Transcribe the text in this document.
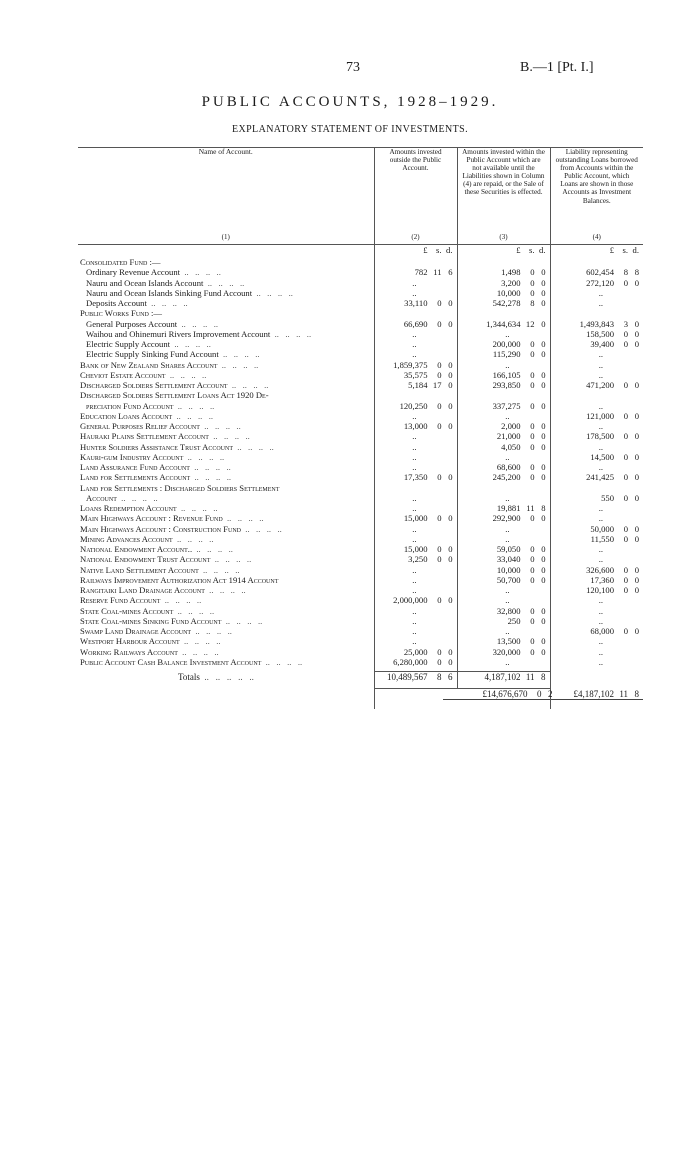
73	B.—1 [Pt. I.]
PUBLIC ACCOUNTS, 1928–1929.
EXPLANATORY STATEMENT OF INVESTMENTS.
Name of Account.	Amounts invested outside the Public Account.	Amounts invested within the Public Account which are not available until the Liabilities shown in Column (4) are repaid, or the Sale of these Securities is effected.	Liability representing outstanding Loans borrowed from Accounts within the Public Account, which Loans are shown in those Accounts as Investment Balances.
(1)	(2)	(3)	(4)

	£ s. d.	£ s. d.	£ s. d.

Consolidated Fund :—			
Ordinary Revenue Account  ..   ..   ..   ..	782 11 6	1,498 0 0	602,454 8 8

Nauru and Ocean Islands Account  ..   ..   ..   ..	..	3,200 0 0	272,120 0 0

Nauru and Ocean Islands Sinking Fund Account  ..   ..   ..   ..	..	10,000 0 0	..

Deposits Account  ..   ..   ..   ..	33,110 0 0	542,278 8 0	..

Public Works Fund :—			
General Purposes Account  ..   ..   ..   ..	66,690 0 0	1,344,634 12 0	1,493,843 3 0

Waihou and Ohinemuri Rivers Improvement Account  ..   ..   ..   ..	..	..	158,500 0 0

Electric Supply Account  ..   ..   ..   ..	..	200,000 0 0	39,400 0 0

Electric Supply Sinking Fund Account  ..   ..   ..   ..	..	115,290 0 0	..

Bank of New Zealand Shares Account  ..   ..   ..   ..	1,859,375 0 0	..	..

Cheviot Estate Account  ..   ..   ..   ..	35,575 0 0	166,105 0 0	..

Discharged Soldiers Settlement Account  ..   ..   ..   ..	5,184 17 0	293,850 0 0	471,200 0 0

Discharged Soldiers Settlement Loans Act 1920 De-			
preciation Fund Account  ..   ..   ..   ..	120,250 0 0	337,275 0 0	..

Education Loans Account  ..   ..   ..   ..	..	..	121,000 0 0

General Purposes Relief Account  ..   ..   ..   ..	13,000 0 0	2,000 0 0	..

Hauraki Plains Settlement Account  ..   ..   ..   ..	..	21,000 0 0	178,500 0 0

Hunter Soldiers Assistance Trust Account  ..   ..   ..   ..	..	4,050 0 0	..

Kauri-gum Industry Account  ..   ..   ..   ..	..	..	14,500 0 0

Land Assurance Fund Account  ..   ..   ..   ..	..	68,600 0 0	..

Land for Settlements Account  ..   ..   ..   ..	17,350 0 0	245,200 0 0	241,425 0 0

Land for Settlements : Discharged Soldiers Settlement			
Account  ..   ..   ..   ..	..	..	550 0 0

Loans Redemption Account  ..   ..   ..   ..	..	19,881 11 8	..

Main Highways Account : Revenue Fund  ..   ..   ..   ..	15,000 0 0	292,900 0 0	..

Main Highways Account : Construction Fund  ..   ..   ..   ..	..	..	50,000 0 0

Mining Advances Account  ..   ..   ..   ..	..	..	11,550 0 0

National Endowment Account..  ..   ..   ..   ..	15,000 0 0	59,050 0 0	..

National Endowment Trust Account  ..   ..   ..   ..	3,250 0 0	33,040 0 0	..

Native Land Settlement Account  ..   ..   ..   ..	..	10,000 0 0	326,600 0 0

Railways Improvement Authorization Act 1914 Account	..	50,700 0 0	17,360 0 0

Rangitaiki Land Drainage Account  ..   ..   ..   ..	..	..	120,100 0 0

Reserve Fund Account  ..   ..   ..   ..	2,000,000 0 0	..	..

State Coal-mines Account  ..   ..   ..   ..	..	32,800 0 0	..

State Coal-mines Sinking Fund Account  ..   ..   ..   ..	..	250 0 0	..

Swamp Land Drainage Account  ..   ..   ..   ..	..	..	68,000 0 0

Westport Harbour Account  ..   ..   ..   ..	..	13,500 0 0	..

Working Railways Account  ..   ..   ..   ..	25,000 0 0	320,000 0 0	..

Public Account Cash Balance Investment Account  ..   ..   ..   ..	6,280,000 0 0	..	..

Totals  ..   ..   ..   ..   ..	10,489,567 8 6	4,187,102 11 8	

	£14,676,670 0 2		£4,187,102 11 8
